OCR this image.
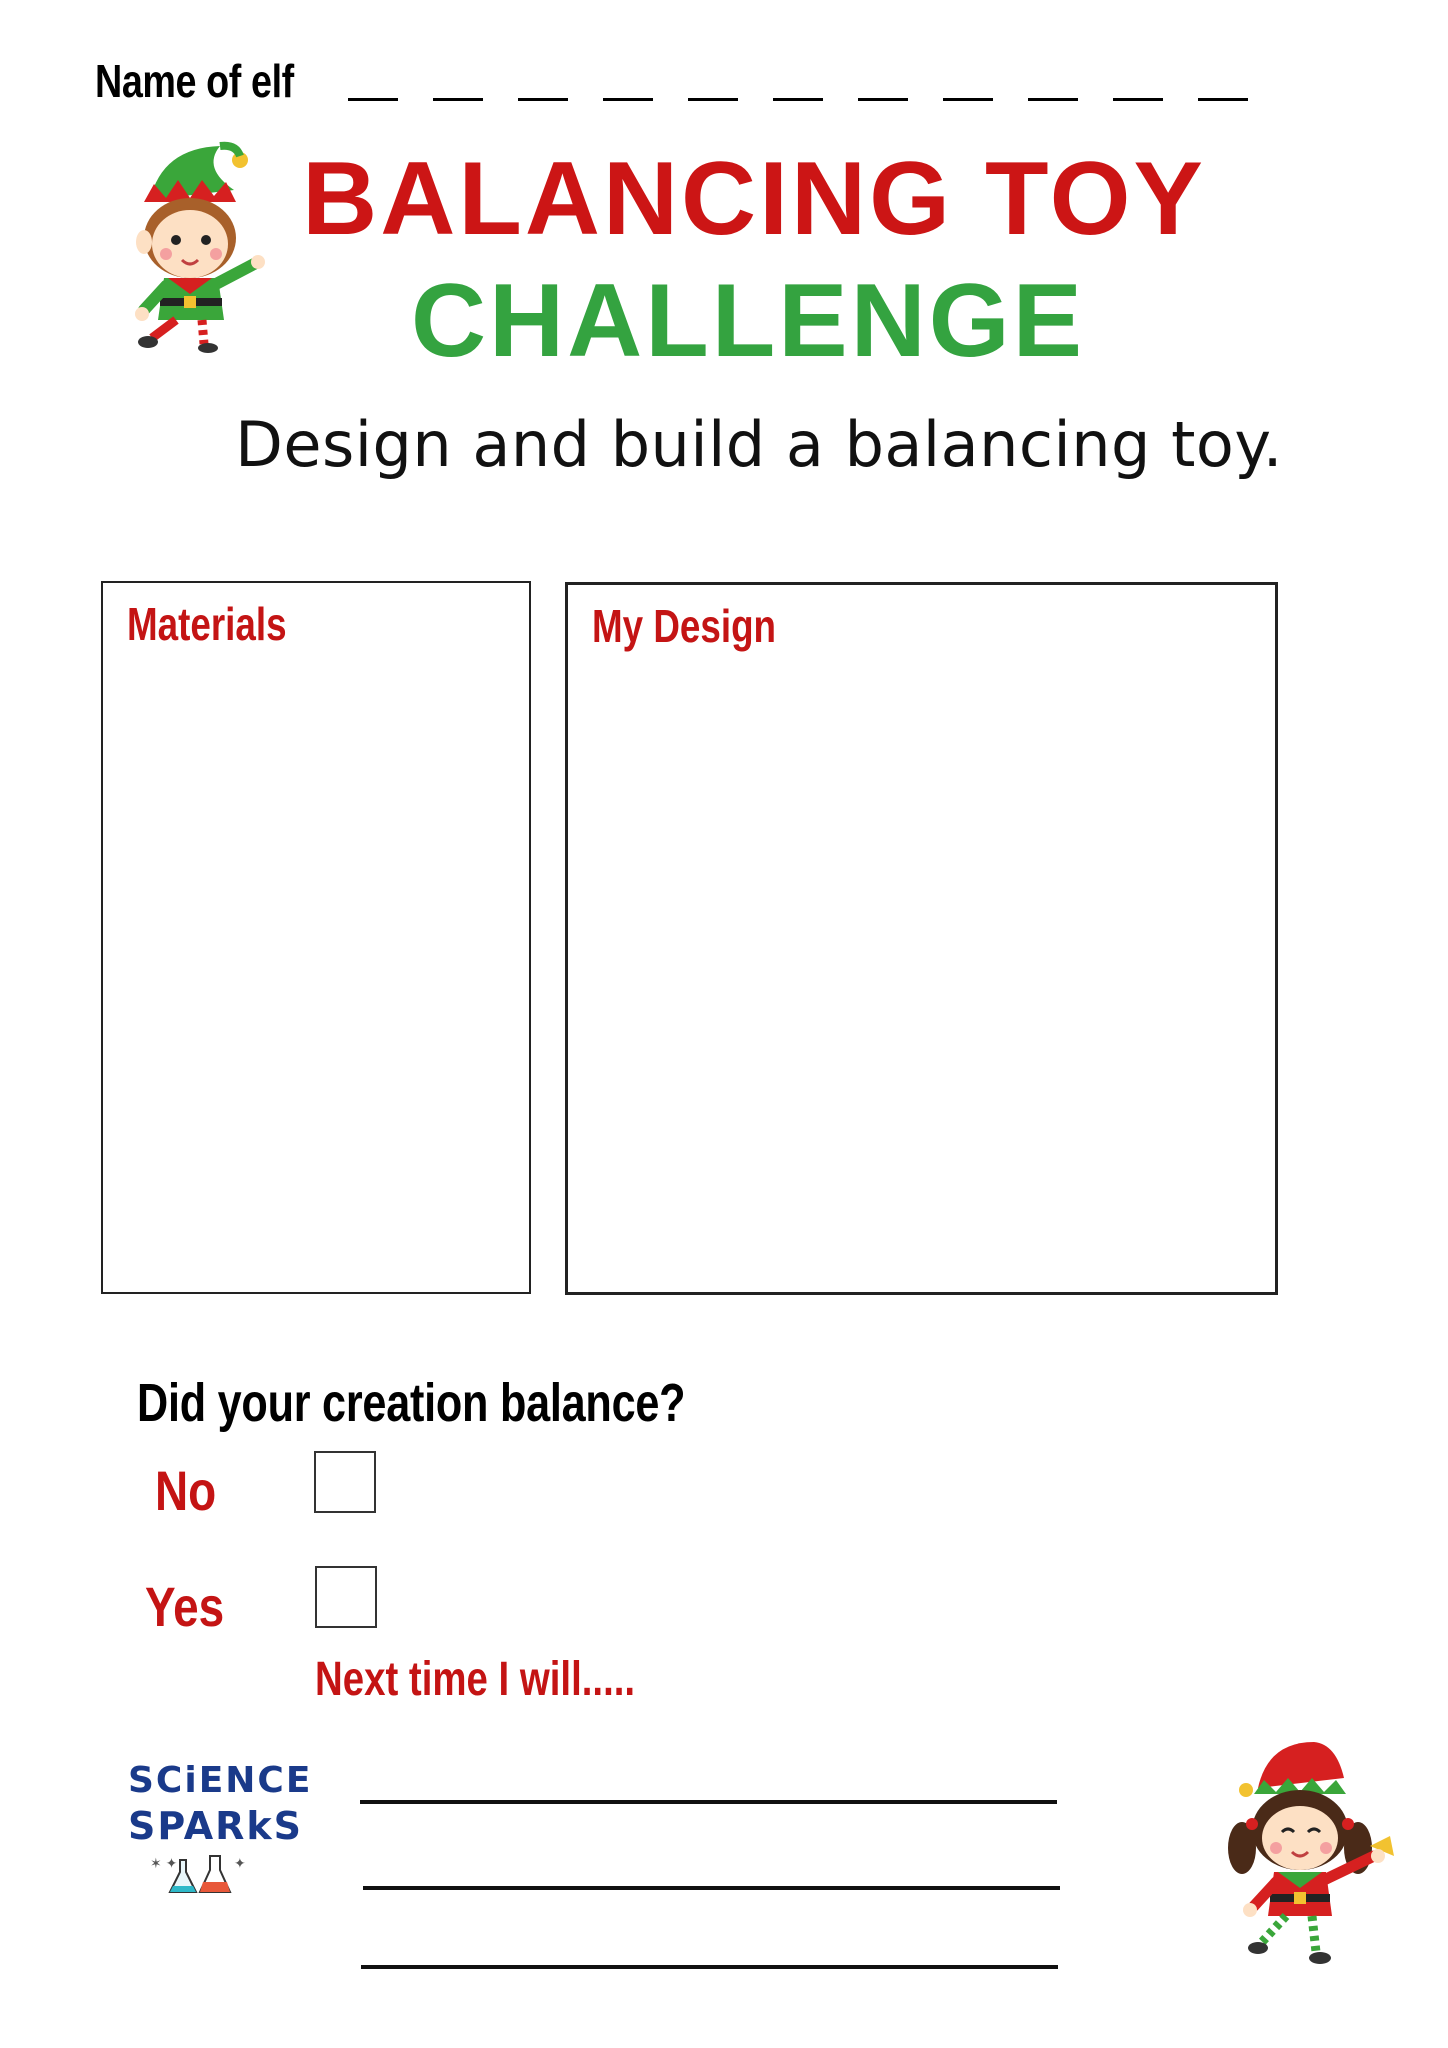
Name of elf
BALANCING TOY
CHALLENGE
Design and build a balancing toy.
Materials	My Design
Did your creation balance?
No
Yes
Next time I will.....
SCiENCE
SPARkS
✶ ✦	✦
